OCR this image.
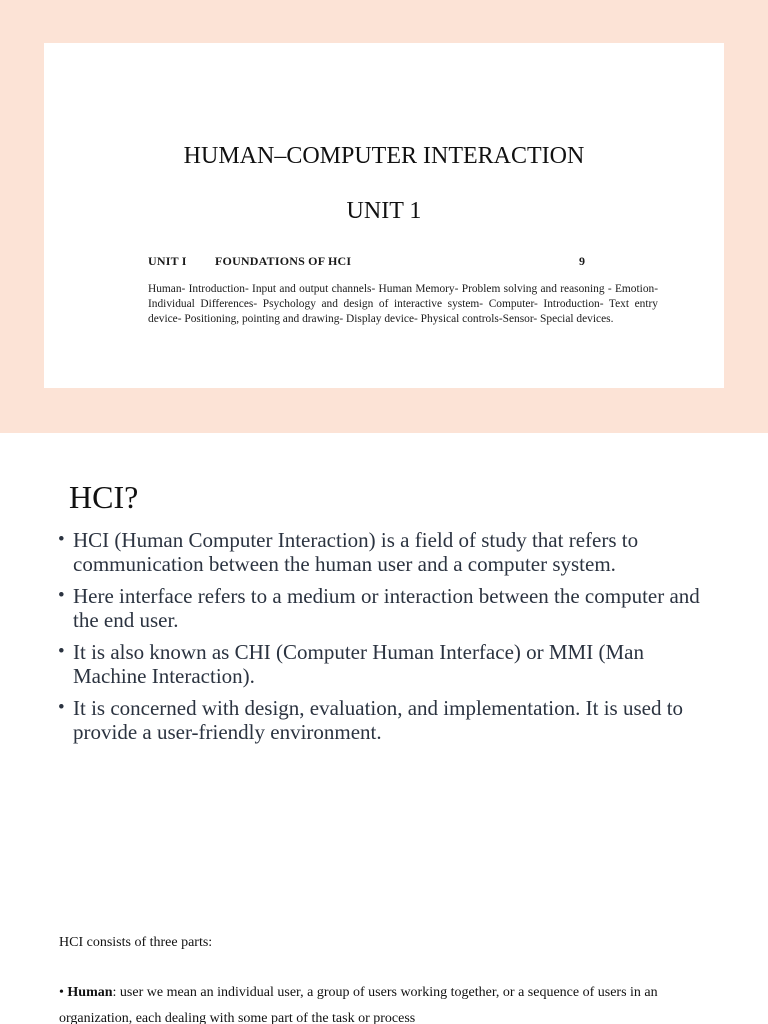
HUMAN–COMPUTER INTERACTION
UNIT 1
UNIT I FOUNDATIONS OF HCI	9
Human- Introduction- Input and output channels- Human Memory- Problem solving and reasoning - Emotion- Individual Differences- Psychology and design of interactive system- Computer- Introduction- Text entry device- Positioning, pointing and drawing- Display device- Physical controls-Sensor- Special devices.
HCI?
• HCI (Human Computer Interaction) is a field of study that refers to communication between the human user and a computer system.
• Here interface refers to a medium or interaction between the computer and the end user.
• It is also known as CHI (Computer Human Interface) or MMI (Man Machine Interaction).
• It is concerned with design, evaluation, and implementation. It is used to provide a user-friendly environment.

HCI consists of three parts:

• Human: user we mean an individual user, a group of users working together, or a sequence of users in an organization, each dealing with some part of the task or process
